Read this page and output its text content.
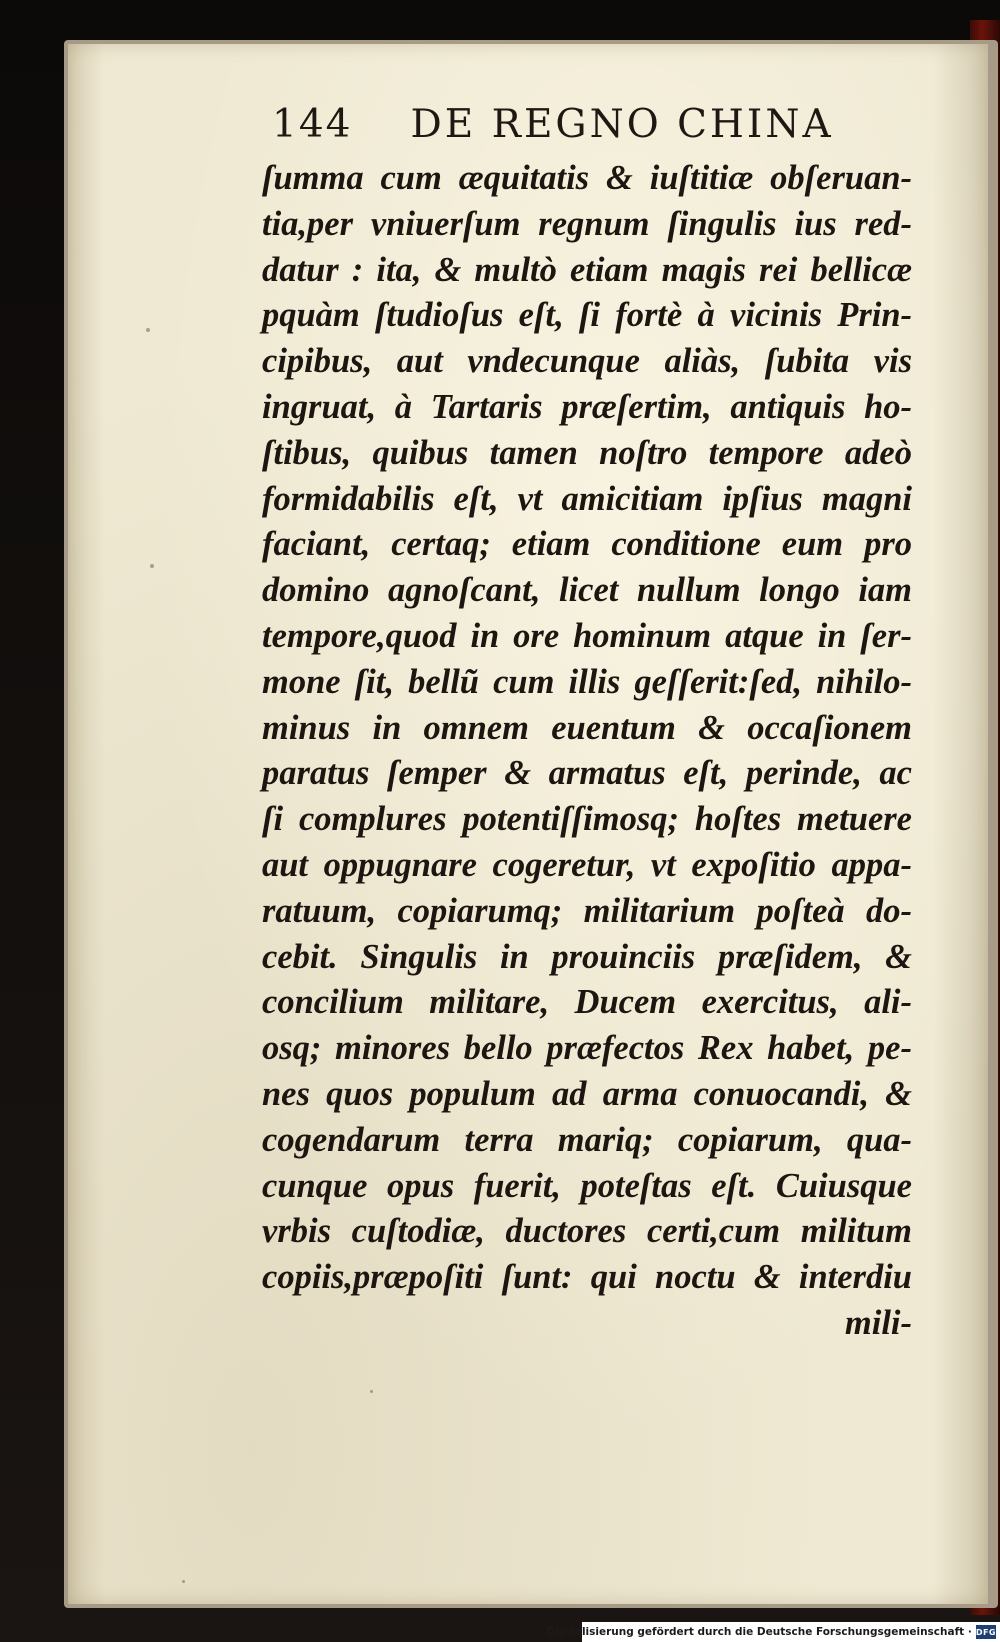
144 DE REGNO CHINA
ſumma cum æquitatis & iuſtitiæ obſeruan-
tia,per vniuerſum regnum ſingulis ius red-
datur : ita, & multò etiam magis rei bellicæ
pquàm ſtudioſus eſt, ſi fortè à vicinis Prin-
cipibus, aut vndecunque aliàs, ſubita vis
ingruat, à Tartaris præſertim, antiquis ho-
ſtibus, quibus tamen noſtro tempore adeò
formidabilis eſt, vt amicitiam ipſius magni
faciant, certaq; etiam conditione eum pro
domino agnoſcant, licet nullum longo iam
tempore,quod in ore hominum atque in ſer-
mone ſit, bellũ cum illis geſſerit:ſed, nihilo-
minus in omnem euentum & occaſionem
paratus ſemper & armatus eſt, perinde, ac
ſi complures potentiſſimosq; hoſtes metuere
aut oppugnare cogeretur, vt expoſitio appa-
ratuum, copiarumq; militarium poſteà do-
cebit. Singulis in prouinciis præſidem, &
concilium militare, Ducem exercitus, ali-
osq; minores bello præfectos Rex habet, pe-
nes quos populum ad arma conuocandi, &
cogendarum terra mariq; copiarum, qua-
cunque opus fuerit, poteſtas eſt. Cuiusque
vrbis cuſtodiæ, ductores certi,cum militum
copiis,præpoſiti ſunt: qui noctu & interdiu
mili-
Digitalisierung gefördert durch die Deutsche Forschungsgemeinschaft · DFG
